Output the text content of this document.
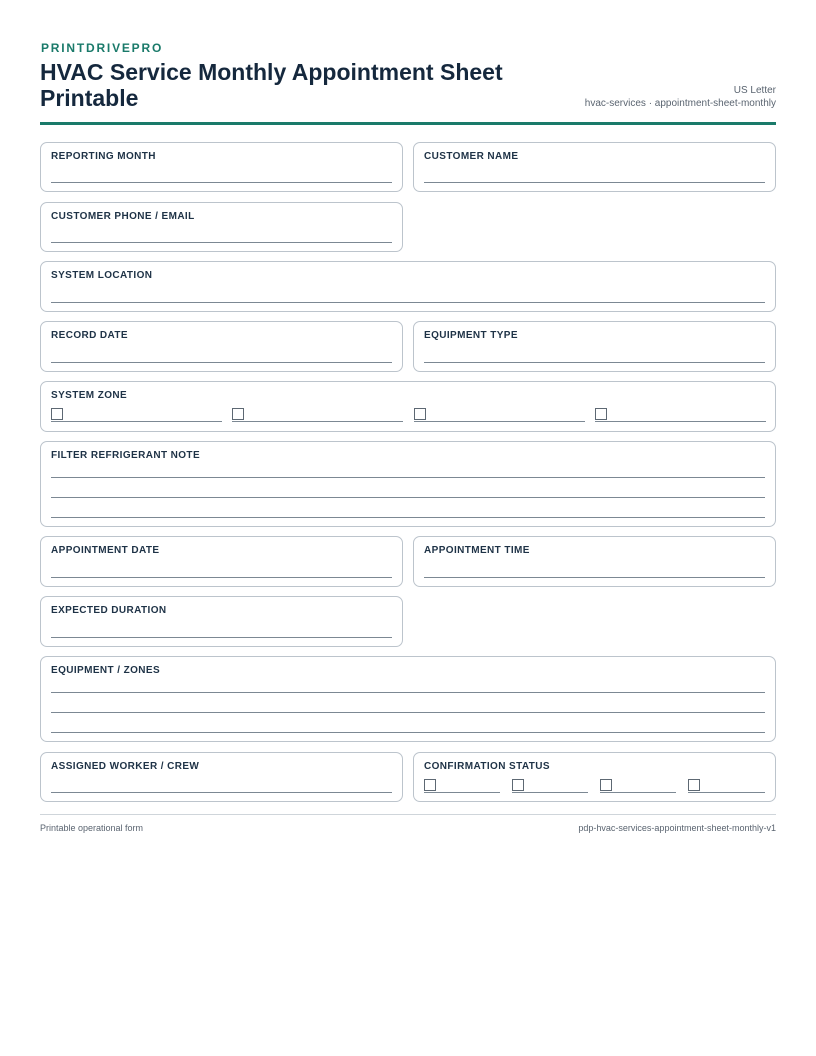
PRINTDRIVEPRO
HVAC Service Monthly Appointment Sheet Printable	US Letter
hvac-services · appointment-sheet-monthly
REPORTING MONTH	CUSTOMER NAME
CUSTOMER PHONE / EMAIL
SYSTEM LOCATION
RECORD DATE	EQUIPMENT TYPE
SYSTEM ZONE
FILTER REFRIGERANT NOTE
APPOINTMENT DATE	APPOINTMENT TIME
EXPECTED DURATION
EQUIPMENT / ZONES
ASSIGNED WORKER / CREW	CONFIRMATION STATUS
Printable operational form	pdp-hvac-services-appointment-sheet-monthly-v1
